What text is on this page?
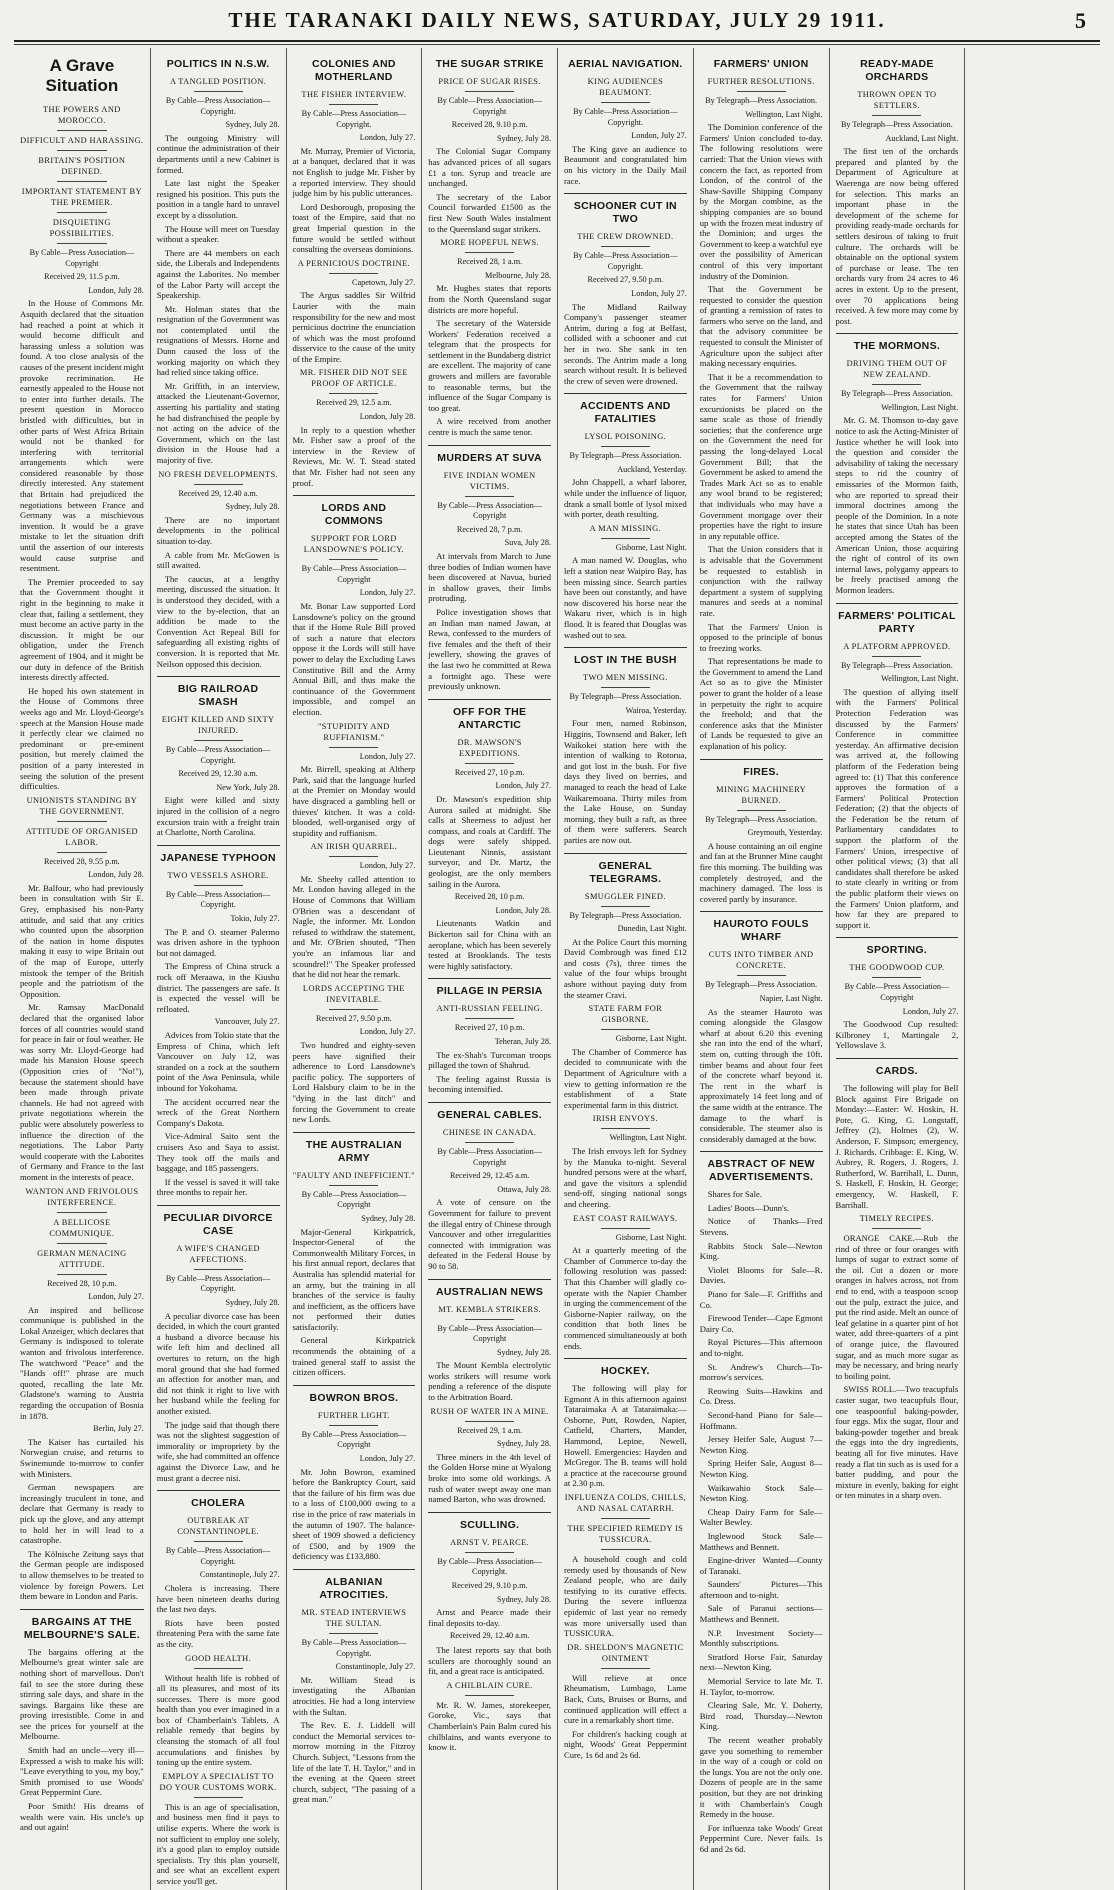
THE TARANAKI DAILY NEWS, SATURDAY, JULY 29 1911.	5
A Grave Situation
THE POWERS AND MOROCCO.
DIFFICULT AND HARASSING.
BRITAIN'S POSITION DEFINED.
IMPORTANT STATEMENT BY THE PREMIER.
DISQUIETING POSSIBILITIES.
By Cable—Press Association—Copyright
Received 29, 11.5 p.m.
London, July 28.

In the House of Commons Mr. Asquith declared that the situation had reached a point at which it would become difficult and harassing unless a solution was found. A too close analysis of the causes of the present incident might provoke recrimination. He earnestly appealed to the House not to enter into further details. The present question in Morocco bristled with difficulties, but in other parts of West Africa Britain would not be thanked for interfering with territorial arrangements which were considered reasonable by those directly interested. Any statement that Britain had prejudiced the negotiations between France and Germany was a mischievous invention. It would be a grave mistake to let the situation drift until the assertion of our interests would cause surprise and resentment.

The Premier proceeded to say that the Government thought it right in the beginning to make it clear that, failing a settlement, they must become an active party in the discussion. It might be our obligation, under the French agreement of 1904, and it might be our duty in defence of the British interests directly affected.

He hoped his own statement in the House of Commons three weeks ago and Mr. Lloyd-George's speech at the Mansion House made it perfectly clear we claimed no predominant or pre-eminent position, but merely claimed the position of a party interested in seeing the solution of the present difficulties.

UNIONISTS STANDING BY THE GOVERNMENT.
ATTITUDE OF ORGANISED LABOR.
Received 28, 9.55 p.m.
London, July 28.

Mr. Balfour, who had previously been in consultation with Sir E. Grey, emphasised his non-Party attitude, and said that any critics who counted upon the absorption of the nation in home disputes making it easy to wipe Britain out of the map of Europe, utterly mistook the temper of the British people and the patriotism of the Opposition.

Mr. Ramsay MacDonald declared that the organised labor forces of all countries would stand for peace in fair or foul weather. He was sorry Mr. Lloyd-George had made his Mansion House speech (Opposition cries of "No!"), because the statement should have been made through private channels. He had not agreed with private negotiations wherein the public were absolutely powerless to influence the direction of the negotiations. The Labor Party would cooperate with the Laborites of Germany and France to the last moment in the interests of peace.

WANTON AND FRIVOLOUS INTERFERENCE.
A BELLICOSE COMMUNIQUE.
GERMAN MENACING ATTITUDE.
Received 28, 10 p.m.
London, July 27.

An inspired and bellicose communique is published in the Lokal Anzeiger, which declares that Germany is indisposed to tolerate wanton and frivolous interference. The watchword "Peace" and the "Hands off!" phrase are much quoted, recalling the late Mr. Gladstone's warning to Austria regarding the occupation of Bosnia in 1878.

Berlin, July 27.

The Kaiser has curtailed his Norwegian cruise, and returns to Swinemunde to-morrow to confer with Ministers.

German newspapers are increasingly truculent in tone, and declare that Germany is ready to pick up the glove, and any attempt to hold her in will lead to a catastrophe.

The Kölnische Zeitung says that the German people are indisposed to allow themselves to be treated to violence by foreign Powers. Let them beware in London and Paris.

BARGAINS AT THE MELBOURNE'S SALE.

The bargains offering at the Melbourne's great winter sale are nothing short of marvellous. Don't fail to see the store during these stirring sale days, and share in the savings. Bargains like these are proving irresistible. Come in and see the prices for yourself at the Melbourne.

Smith had an uncle—very ill—Expressed a wish to make his will: "Leave everything to you, my boy," Smith promised to use Woods' Great Peppermint Cure.

Poor Smith! His dreams of wealth were vain. His uncle's up and out again!

POLITICS IN N.S.W.
A TANGLED POSITION.
By Cable—Press Association—Copyright.
Sydney, July 28.

The outgoing Ministry will continue the administration of their departments until a new Cabinet is formed.

Late last night the Speaker resigned his position. This puts the position in a tangle hard to unravel except by a dissolution.

The House will meet on Tuesday without a speaker.

There are 44 members on each side, the Liberals and Independents against the Laborites. No member of the Labor Party will accept the Speakership.

Mr. Holman states that the resignation of the Government was not contemplated until the resignations of Messrs. Horne and Dunn caused the loss of the working majority on which they had relied since taking office.

Mr. Griffith, in an interview, attacked the Lieutenant-Governor, asserting his partiality and stating he had disfranchised the people by not acting on the advice of the Government, which on the last division in the House had a majority of five.

NO FRESH DEVELOPMENTS.
Received 29, 12.40 a.m.
Sydney, July 28.

There are no important developments in the political situation to-day.

A cable from Mr. McGowen is still awaited.

The caucus, at a lengthy meeting, discussed the situation. It is understood they decided, with a view to the by-election, that an addition be made to the Convention Act Repeal Bill for safeguarding all existing rights of conversion. It is reported that Mr. Neilson opposed this decision.

BIG RAILROAD SMASH
EIGHT KILLED AND SIXTY INJURED.
By Cable—Press Association—Copyright.
Received 29, 12.30 a.m.
New York, July 28.

Eight were killed and sixty injured in the collision of a negro excursion train with a freight train at Charlotte, North Carolina.

JAPANESE TYPHOON
TWO VESSELS ASHORE.
By Cable—Press Association—Copyright.
Tokio, July 27.

The P. and O. steamer Palermo was driven ashore in the typhoon but not damaged.

The Empress of China struck a rock off Meraawa, in the Kiushu district. The passengers are safe. It is expected the vessel will be refloated.

Vancouver, July 27.

Advices from Tokio state that the Empress of China, which left Vancouver on July 12, was stranded on a rock at the southern point of the Awa Peninsula, while inbound for Yokohama.

The accident occurred near the wreck of the Great Northern Company's Dakota.

Vice-Admiral Saito sent the cruisers Aso and Saya to assist. They took off the mails and baggage, and 185 passengers.

If the vessel is saved it will take three months to repair her.

PECULIAR DIVORCE CASE
A WIFE'S CHANGED AFFECTIONS.
By Cable—Press Association—Copyright.
Sydney, July 28.

A peculiar divorce case has been decided, in which the court granted a husband a divorce because his wife left him and declined all overtures to return, on the high moral ground that she had formed an affection for another man, and did not think it right to live with her husband while the feeling for another existed.

The judge said that though there was not the slightest suggestion of immorality or impropriety by the wife, she had committed an offence against the Divorce Law, and he must grant a decree nisi.

CHOLERA
OUTBREAK AT CONSTANTINOPLE.
By Cable—Press Association—Copyright.
Constantinople, July 27.

Cholera is increasing. There have been nineteen deaths during the last two days.

Riots have been posted threatening Pera with the same fate as the city.

GOOD HEALTH.

Without health life is robbed of all its pleasures, and most of its successes. There is more good health than you ever imagined in a box of Chamberlain's Tablets. A reliable remedy that begins by cleansing the stomach of all foul accumulations and finishes by toning up the entire system.

EMPLOY A SPECIALIST TO DO YOUR CUSTOMS WORK.

This is an age of specialisation, and business men find it pays to utilise experts. Where the work is not sufficient to employ one solely, it's a good plan to employ outside specialists. Try this plan yourself, and see what an excellent expert service you'll get.

COLONIES AND MOTHERLAND
THE FISHER INTERVIEW.
By Cable—Press Association—Copyright.
London, July 27.

Mr. Murray, Premier of Victoria, at a banquet, declared that it was not English to judge Mr. Fisher by a reported interview. They should judge him by his public utterances.

Lord Desborough, proposing the toast of the Empire, said that no great Imperial question in the future would be settled without consulting the overseas dominions.

A PERNICIOUS DOCTRINE.
Capetown, July 27.

The Argus saddles Sir Wilfrid Laurier with the main responsibility for the new and most pernicious doctrine the enunciation of which was the most profound disservice to the cause of the unity of the Empire.

MR. FISHER DID NOT SEE PROOF OF ARTICLE.
Received 29, 12.5 a.m.
London, July 28.

In reply to a question whether Mr. Fisher saw a proof of the interview in the Review of Reviews, Mr. W. T. Stead stated that Mr. Fisher had not seen any proof.

LORDS AND COMMONS
SUPPORT FOR LORD LANSDOWNE'S POLICY.
By Cable—Press Association—Copyright
London, July 27.

Mr. Bonar Law supported Lord Lansdowne's policy on the ground that if the Home Rule Bill proved of such a nature that electors oppose it the Lords will still have power to delay the Excluding Laws Constitutive Bill and the Army Annual Bill, and thus make the continuance of the Government impossible, and compel an election.

"STUPIDITY AND RUFFIANISM."
London, July 27.

Mr. Birrell, speaking at Altherp Park, said that the language hurled at the Premier on Monday would have disgraced a gambling hell or thieves' kitchen. It was a cold-blooded, well-organised orgy of stupidity and ruffianism.

AN IRISH QUARREL.
London, July 27.

Mr. Sheehy called attention to Mr. London having alleged in the House of Commons that William O'Brien was a descendant of Nagle, the informer. Mr. London refused to withdraw the statement, and Mr. O'Brien shouted, "Then you're an infamous liar and scoundrel!" The Speaker professed that he did not hear the remark.

LORDS ACCEPTING THE INEVITABLE.
Received 27, 9.50 p.m.
London, July 27.

Two hundred and eighty-seven peers have signified their adherence to Lord Lansdowne's pacific policy. The supporters of Lord Halsbury claim to be in the "dying in the last ditch" and forcing the Government to create new Lords.

THE AUSTRALIAN ARMY
"FAULTY AND INEFFICIENT."
By Cable—Press Association—Copyright
Sydney, July 28.

Major-General Kirkpatrick, Inspector-General of the Commonwealth Military Forces, in his first annual report, declares that Australia has splendid material for an army, but the training in all branches of the service is faulty and inefficient, as the officers have not performed their duties satisfactorily.

General Kirkpatrick recommends the obtaining of a trained general staff to assist the citizen officers.

BOWRON BROS.
FURTHER LIGHT.
By Cable—Press Association—Copyright
London, July 27.

Mr. John Bowron, examined before the Bankruptcy Court, said that the failure of his firm was due to a loss of £100,000 owing to a rise in the price of raw materials in the autumn of 1907. The balance-sheet of 1909 showed a deficiency of £500, and by 1909 the deficiency was £133,880.

ALBANIAN ATROCITIES.
MR. STEAD INTERVIEWS THE SULTAN.
By Cable—Press Association—Copyright.
Constantinople, July 27.

Mr. William Stead is investigating the Albanian atrocities. He had a long interview with the Sultan.

The Rev. E. J. Liddell will conduct the Memorial services to-morrow morning in the Fitzroy Church. Subject, "Lessons from the life of the late T. H. Taylor," and in the evening at the Queen street church, subject, "The passing of a great man."

THE SUGAR STRIKE
PRICE OF SUGAR RISES.
By Cable—Press Association—Copyright
Received 28, 9.10 p.m.
Sydney, July 28.

The Colonial Sugar Company has advanced prices of all sugars £1 a ton. Syrup and treacle are unchanged.

The secretary of the Labor Council forwarded £1500 as the first New South Wales instalment to the Queensland sugar strikers.

MORE HOPEFUL NEWS.
Received 28, 1 a.m.
Melbourne, July 28.

Mr. Hughes states that reports from the North Queensland sugar districts are more hopeful.

The secretary of the Waterside Workers' Federation received a telegram that the prospects for settlement in the Bundaberg district are excellent. The majority of cane growers and millers are favorable to reasonable terms, but the influence of the Sugar Company is too great.

A wire received from another centre is much the same tenor.

MURDERS AT SUVA
FIVE INDIAN WOMEN VICTIMS.
By Cable—Press Association—Copyright
Received 28, 7 p.m.
Suva, July 28.

At intervals from March to June three bodies of Indian women have been discovered at Navua, buried in shallow graves, their limbs protruding.

Police investigation shows that an Indian man named Jawan, at Rewa, confessed to the murders of five females and the theft of their jewellery, showing the graves of the last two he committed at Rewa a fortnight ago. These were previously unknown.

OFF FOR THE ANTARCTIC
DR. MAWSON'S EXPEDITIONS.
Received 27, 10 p.m.
London, July 27.

Dr. Mawson's expedition ship Aurora sailed at midnight. She calls at Sheerness to adjust her compass, and coals at Cardiff. The dogs were safely shipped. Lieutenant Ninnis, assistant surveyor, and Dr. Martz, the geologist, are the only members sailing in the Aurora.

Received 28, 10 p.m.
London, July 28.

Lieutenants Watkin and Bickerton sail for China with an aeroplane, which has been severely tested at Brooklands. The tests were highly satisfactory.

PILLAGE IN PERSIA
ANTI-RUSSIAN FEELING.
Received 27, 10 p.m.
Teheran, July 28.

The ex-Shah's Turcoman troops pillaged the town of Shahrud.

The feeling against Russia is becoming intensified.

GENERAL CABLES.
CHINESE IN CANADA.
By Cable—Press Association—Copyright
Received 29, 12.45 a.m.
Ottawa, July 28.

A vote of censure on the Government for failure to prevent the illegal entry of Chinese through Vancouver and other irregularities connected with immigration was defeated in the Federal House by 90 to 58.

AUSTRALIAN NEWS
MT. KEMBLA STRIKERS.
By Cable—Press Association—Copyright
Sydney, July 28.

The Mount Kembla electrolytic works strikers will resume work pending a reference of the dispute to the Arbitration Board.

RUSH OF WATER IN A MINE.
Received 29, 1 a.m.
Sydney, July 28.

Three miners in the 4th level of the Golden Horse mine at Wyalong broke into some old workings. A rush of water swept away one man named Barton, who was drowned.

SCULLING.
ARNST V. PEARCE.
By Cable—Press Association—Copyright.
Received 29, 9.10 p.m.
Sydney, July 28.

Arnst and Pearce made their final deposits to-day.

Received 29, 12.40 a.m.

The latest reports say that both scullers are thoroughly sound an fit, and a great race is anticipated.

A CHILBLAIN CURE.

Mr. R. W. James, storekeeper, Goroke, Vic., says that Chamberlain's Pain Balm cured his chilblains, and wants everyone to know it.

AERIAL NAVIGATION.
KING AUDIENCES BEAUMONT.
By Cable—Press Association—Copyright.
London, July 27.

The King gave an audience to Beaumont and congratulated him on his victory in the Daily Mail race.

SCHOONER CUT IN TWO
THE CREW DROWNED.
By Cable—Press Association—Copyright.
Received 27, 9.50 p.m.
London, July 27.

The Midland Railway Company's passenger steamer Antrim, during a fog at Belfast, collided with a schooner and cut her in two. She sank in ten seconds. The Antrim made a long search without result. It is believed the crew of seven were drowned.

ACCIDENTS AND FATALITIES
LYSOL POISONING.
By Telegraph—Press Association.
Auckland, Yesterday.

John Chappell, a wharf laborer, while under the influence of liquor, drank a small bottle of lysol mixed with porter, death resulting.

A MAN MISSING.
Gisborne, Last Night.

A man named W. Douglas, who left a station near Waipiro Bay, has been missing since. Search parties have been out constantly, and have now discovered his horse near the Wakaru river, which is in high flood. It is feared that Douglas was washed out to sea.

LOST IN THE BUSH
TWO MEN MISSING.
By Telegraph—Press Association.
Wairoa, Yesterday.

Four men, named Robinson, Higgins, Townsend and Baker, left Waikokei station here with the intention of walking to Rotorua, and got lost in the bush. For five days they lived on berries, and managed to reach the head of Lake Waikaremoana. Thirty miles from the Lake House, on Sunday morning, they built a raft, as three of them were sufferers. Search parties are now out.

GENERAL TELEGRAMS.
SMUGGLER FINED.
By Telegraph—Press Association.
Dunedin, Last Night.

At the Police Court this morning David Combrough was fined £12 and costs (7s), three times the value of the four whips brought ashore without paying duty from the steamer Cravi.

STATE FARM FOR GISBORNE.
Gisborne, Last Night.

The Chamber of Commerce has decided to communicate with the Department of Agriculture with a view to getting information re the establishment of a State experimental farm in this district.

IRISH ENVOYS.
Wellington, Last Night.

The Irish envoys left for Sydney by the Manuka to-night. Several hundred persons were at the wharf, and gave the visitors a splendid send-off, singing national songs and cheering.

EAST COAST RAILWAYS.
Gisborne, Last Night.

At a quarterly meeting of the Chamber of Commerce to-day the following resolution was passed: That this Chamber will gladly co-operate with the Napier Chamber in urging the commencement of the Gisborne-Napier railway, on the condition that both lines be commenced simultaneously at both ends.

HOCKEY.

The following will play for Egmont A in this afternoon against Tataraimaka A at Tataraimaka:—Osborne, Putt, Rowden, Napier, Catfield, Charters, Mander, Hammond, Lepine, Newell, Howell. Emergencies: Hayden and McGregor. The B. teams will hold a practice at the racecourse ground at 2.30 p.m.

INFLUENZA COLDS, CHILLS, AND NASAL CATARRH.
THE SPECIFIED REMEDY IS TUSSICURA.

A household cough and cold remedy used by thousands of New Zealand people, who are daily testifying to its curative effects. During the severe influenza epidemic of last year no remedy was more universally used than TUSSICURA.

DR. SHELDON'S MAGNETIC OINTMENT

Will relieve at once Rheumatism, Lumbago, Lame Back, Cuts, Bruises or Burns, and continued application will effect a cure in a remarkably short time.

For children's hacking cough at night, Woods' Great Peppermint Cure, 1s 6d and 2s 6d.

FARMERS' UNION
FURTHER RESOLUTIONS.
By Telegraph—Press Association.
Wellington, Last Night.

The Dominion conference of the Farmers' Union concluded to-day. The following resolutions were carried: That the Union views with concern the fact, as reported from London, of the control of the Shaw-Saville Shipping Company by the Morgan combine, as the shipping companies are so bound up with the frozen meat industry of the Dominion; and urges the Government to keep a watchful eye over the possibility of American control of this very important industry of the Dominion.

That the Government be requested to consider the question of granting a remission of rates to farmers who serve on the land, and that the advisory committee be requested to consult the Minister of Agriculture upon the subject after making necessary enquiries.

That it be a recommendation to the Government that the railway rates for Farmers' Union excursionists be placed on the same scale as those of friendly societies; that the conference urge on the Government the need for passing the long-delayed Local Government Bill; that the Government be asked to amend the Trades Mark Act so as to enable any wool brand to be registered; that individuals who may have a Government mortgage over their properties have the right to insure in any reputable office.

That the Union considers that it is advisable that the Government be requested to establish in conjunction with the railway department a system of supplying manures and seeds at a nominal rate.

That the Farmers' Union is opposed to the principle of bonus to freezing works.

That representations be made to the Government to amend the Land Act so as to give the Minister power to grant the holder of a lease in perpetuity the right to acquire the freehold; and that the conference asks that the Minister of Lands be requested to give an explanation of his policy.

FIRES.
MINING MACHINERY BURNED.
By Telegraph—Press Association.
Greymouth, Yesterday.

A house containing an oil engine and fan at the Brunner Mine caught fire this morning. The building was completely destroyed, and the machinery damaged. The loss is covered partly by insurance.

HAUROTO FOULS WHARF
CUTS INTO TIMBER AND CONCRETE.
By Telegraph—Press Association.
Napier, Last Night.

As the steamer Hauroto was coming alongside the Glasgow wharf at about 6.20 this evening she ran into the end of the wharf, stem on, cutting through the 10ft. timber beams and about four feet of the concrete wharf beyond it. The rent in the wharf is approximately 14 feet long and of the same width at the entrance. The damage to the wharf is considerable. The steamer also is considerably damaged at the bow.

ABSTRACT OF NEW ADVERTISEMENTS.
Shares for Sale.
Ladies' Boots—Dunn's.
Notice of Thanks—Fred Stevens.
Rabbits Stock Sale—Newton King.
Violet Blooms for Sale—R. Davies.
Piano for Sale—F. Griffiths and Co.
Firewood Tender—Cape Egmont Dairy Co.
Royal Pictures—This afternoon and to-night.
St. Andrew's Church—To-morrow's services.
Reowing Suits—Hawkins and Co. Dress.
Second-hand Piano for Sale—Hoffmann.
Jersey Heifer Sale, August 7—Newton King.
Spring Heifer Sale, August 8—Newton King.
Waikawahio Stock Sale—Newton King.
Cheap Dairy Farm for Sale—Walter Bewley.
Inglewood Stock Sale—Matthews and Bennett.
Engine-driver Wanted—County of Taranaki.
Saunders' Pictures—This afternoon and to-night.
Sale of Paranui sections—Matthews and Bennett.
N.P. Investment Society—Monthly subscriptions.
Stratford Horse Fair, Saturday next—Newton King.
Memorial Service to late Mr. T. H. Taylor, to-morrow.
Clearing Sale, Mr. Y. Doherty, Bird road, Thursday—Newton King.

The recent weather probably gave you something to remember in the way of a cough or cold on the lungs. You are not the only one. Dozens of people are in the same position, but they are not drinking it with Chamberlain's Cough Remedy in the house.

For influenza take Woods' Great Peppermint Cure. Never fails. 1s 6d and 2s 6d.

READY-MADE ORCHARDS
THROWN OPEN TO SETTLERS.
By Telegraph—Press Association.
Auckland, Last Night.

The first ten of the orchards prepared and planted by the Department of Agriculture at Waerenga are now being offered for selection. This marks an important phase in the development of the scheme for providing ready-made orchards for settlers desirous of taking to fruit culture. The orchards will be obtainable on the optional system of purchase or lease. The ten orchards vary from 24 acres to 46 acres in extent. Up to the present, over 70 applications being received. A few more may come by post.

THE MORMONS.
DRIVING THEM OUT OF NEW ZEALAND.
By Telegraph—Press Association.
Wellington, Last Night.

Mr. G. M. Thomson to-day gave notice to ask the Acting-Minister of Justice whether he will look into the question and consider the advisability of taking the necessary steps to rid the country of emissaries of the Mormon faith, who are reported to spread their immoral doctrines among the people of the Dominion. In a note he states that since Utah has been accepted among the States of the American Union, those acquiring the right of control of its own internal laws, polygamy appears to be freely practised among the Mormon leaders.

FARMERS' POLITICAL PARTY
A PLATFORM APPROVED.
By Telegraph—Press Association.
Wellington, Last Night.

The question of allying itself with the Farmers' Political Protection Federation was discussed by the Farmers' Conference in committee yesterday. An affirmative decision was arrived at, the following platform of the Federation being agreed to: (1) That this conference approves the formation of a Farmers' Political Protection Federation; (2) that the objects of the Federation be the return of Parliamentary candidates to support the platform of the Farmers' Union, irrespective of other political views; (3) that all candidates shall therefore be asked to state clearly in writing or from the public platform their views on the Farmers' Union platform, and how far they are prepared to support it.

SPORTING.
THE GOODWOOD CUP.
By Cable—Press Association—Copyright
London, July 27.

The Goodwood Cup resulted: Kilbroney 1, Martingale 2, Yellowslave 3.

CARDS.

The following will play for Bell Block against Fire Brigade on Monday:—Easter: W. Hoskin, H. Pote, G. King, G. Longstaff, Jeffrey (2), Holmes (2), W. Anderson, F. Simpson; emergency, J. Richards. Cribbage: E. King, W. Aubrey, R. Rogers, J. Rogers, J. Rutherford, W. Barrihall, L. Dunn, S. Haskell, F. Hoskin, H. George; emergency, W. Haskell, F. Barrihall.

TIMELY RECIPES.

ORANGE CAKE.—Rub the rind of three or four oranges with lumps of sugar to extract some of the oil. Cut a dozen or more oranges in halves across, not from end to end, with a teaspoon scoop out the pulp, extract the juice, and put the rind aside. Melt an ounce of leaf gelatine in a quarter pint of hot water, add three-quarters of a pint of orange juice, the flavoured sugar, and as much more sugar as may be necessary, and bring nearly to boiling point.

SWISS ROLL.—Two teacupfuls caster sugar, two teacupfuls flour, one teaspoonful baking-powder, four eggs. Mix the sugar, flour and baking-powder together and break the eggs into the dry ingredients, beating all for five minutes. Have ready a flat tin such as is used for a batter pudding, and pour the mixture in evenly, baking for eight or ten minutes in a sharp oven.
